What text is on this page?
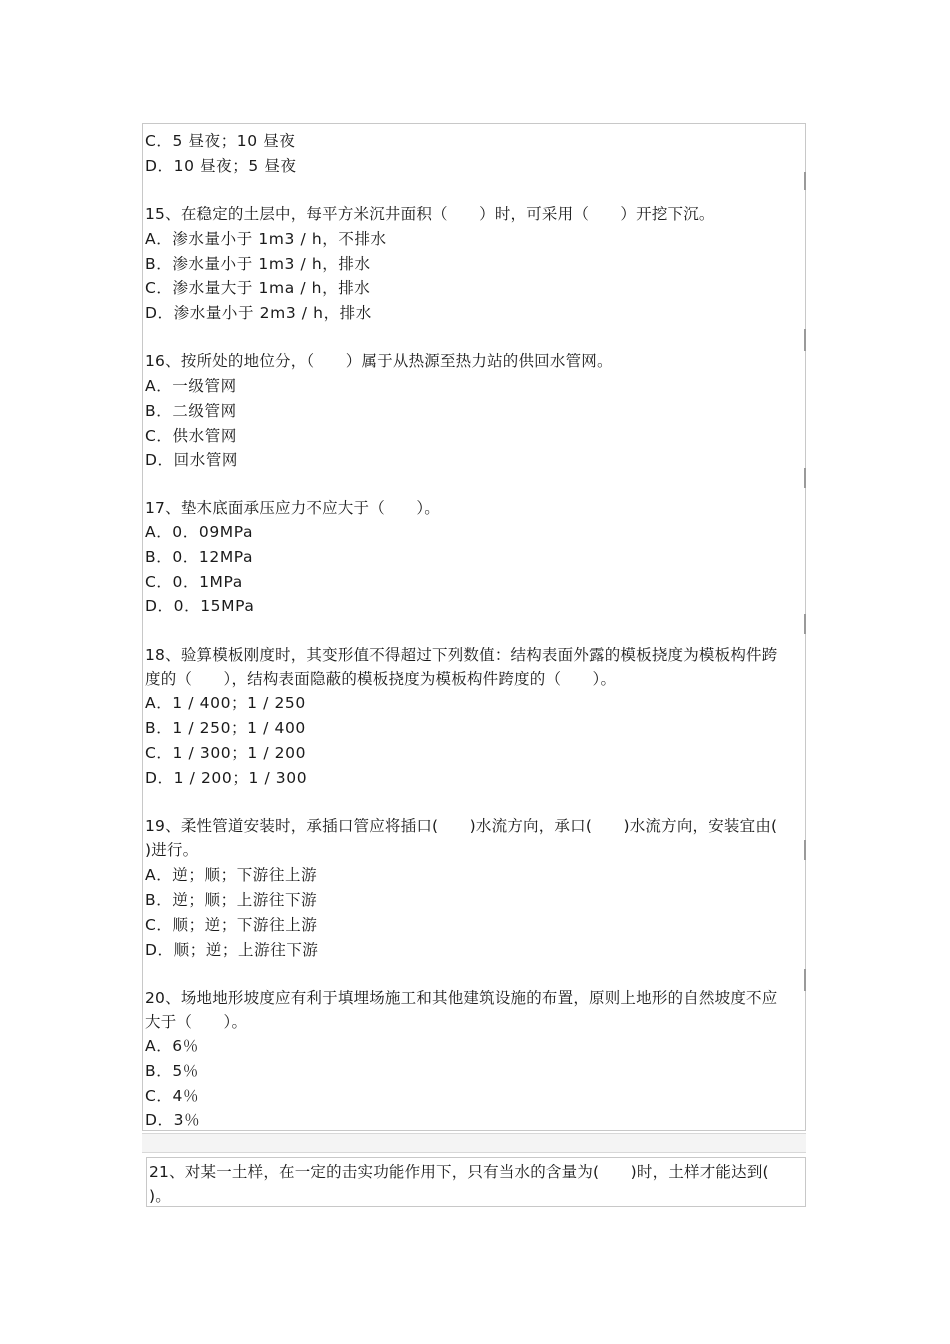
C．5 昼夜；10 昼夜
D．10 昼夜；5 昼夜
15、在稳定的土层中，每平方米沉井面积（　　）时，可采用（　　）开挖下沉。
A．渗水量小于 1m3 / h，不排水
B．渗水量小于 1m3 / h，排水
C．渗水量大于 1ma / h，排水
D．渗水量小于 2m3 / h，排水
16、按所处的地位分，（　　）属于从热源至热力站的供回水管网。
A．一级管网
B．二级管网
C．供水管网
D．回水管网
17、垫木底面承压应力不应大于（　　）。
A．0．09MPa
B．0．12MPa
C．0．1MPa
D．0．15MPa
18、验算模板刚度时，其变形值不得超过下列数值：结构表面外露的模板挠度为模板构件跨
度的（　　），结构表面隐蔽的模板挠度为模板构件跨度的（　　）。
A．1 / 400；1 / 250
B．1 / 250；1 / 400
C．1 / 300；1 / 200
D．1 / 200；1 / 300
19、柔性管道安装时，承插口管应将插口(　　)水流方向，承口(　　)水流方向，安装宜由(
)进行。
A．逆；顺；下游往上游
B．逆；顺；上游往下游
C．顺；逆；下游往上游
D．顺；逆；上游往下游
20、场地地形坡度应有利于填埋场施工和其他建筑设施的布置，原则上地形的自然坡度不应
大于（　　）。
A．6％
B．5％
C．4％
D．3％
21、对某一土样，在一定的击实功能作用下，只有当水的含量为(　　)时，土样才能达到(
)。
